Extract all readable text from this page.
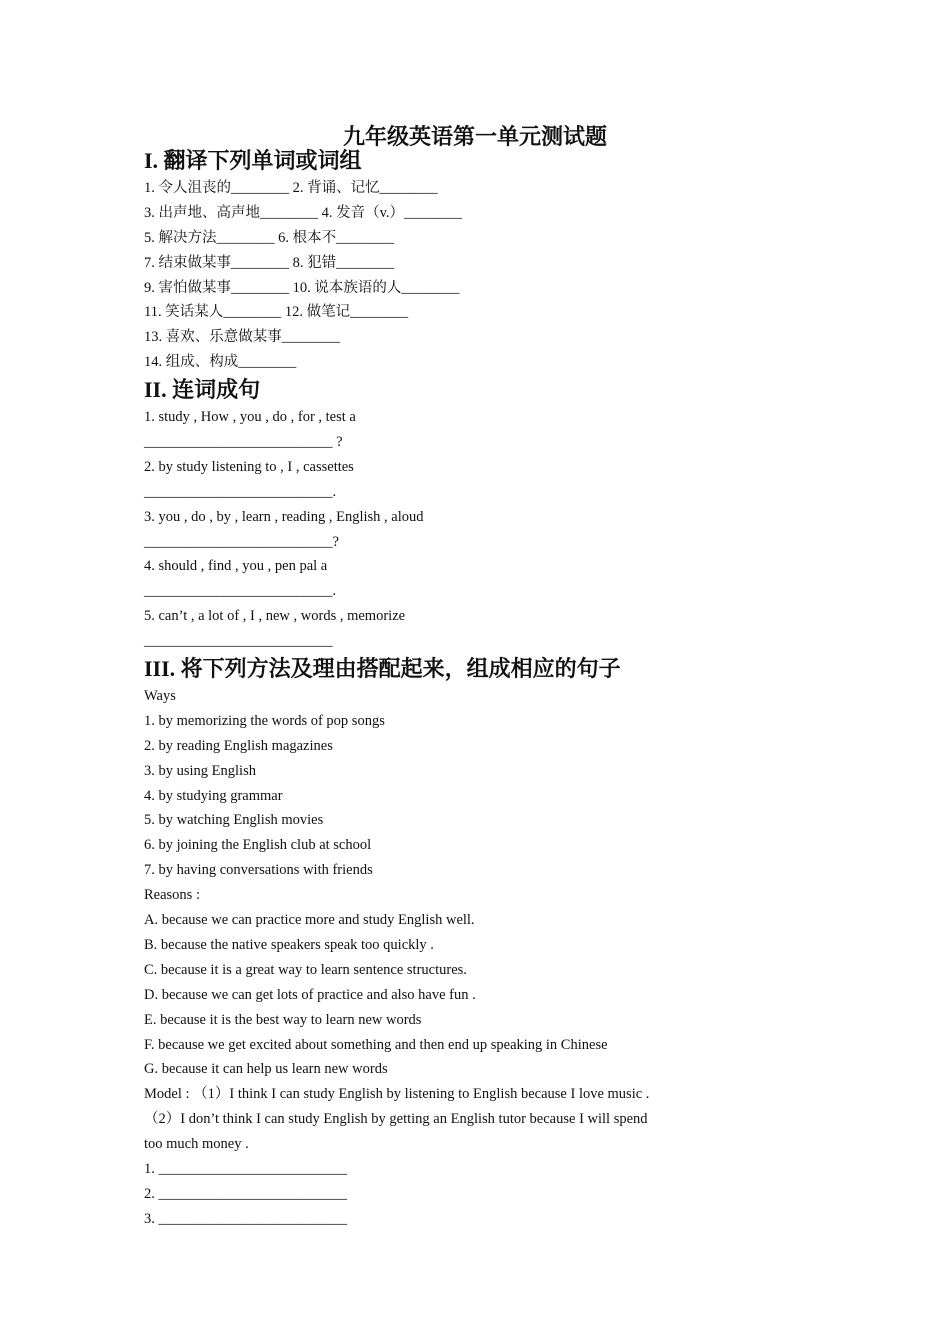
九年级英语第一单元测试题
I. 翻译下列单词或词组
1. 令人沮丧的________ 2. 背诵、记忆________
3. 出声地、高声地________ 4. 发音（v.）________
5. 解决方法________ 6. 根本不________
7. 结束做某事________ 8. 犯错________
9. 害怕做某事________ 10. 说本族语的人________
11. 笑话某人________ 12. 做笔记________
13. 喜欢、乐意做某事________
14. 组成、构成________
II. 连词成句
1. study , How , you , do , for , test a
__________________________ ?
2. by study listening to , I , cassettes
__________________________.
3. you , do , by , learn , reading , English , aloud
__________________________?
4. should , find , you , pen pal a
__________________________.
5. can’t , a lot of , I , new , words , memorize
__________________________
III. 将下列方法及理由搭配起来，组成相应的句子
Ways
1. by memorizing the words of pop songs
2. by reading English magazines
3. by using English
4. by studying grammar
5. by watching English movies
6. by joining the English club at school
7. by having conversations with friends
Reasons :
A. because we can practice more and study English well.
B. because the native speakers speak too quickly .
C. because it is a great way to learn sentence structures.
D. because we can get lots of practice and also have fun .
E. because it is the best way to learn new words
F. because we get excited about something and then end up speaking in Chinese
G. because it can help us learn new words
Model : （1）I think I can study English by listening to English because I love music .
（2）I don’t think I can study English by getting an English tutor because I will spend
too much money .
1. __________________________
2. __________________________
3. __________________________
